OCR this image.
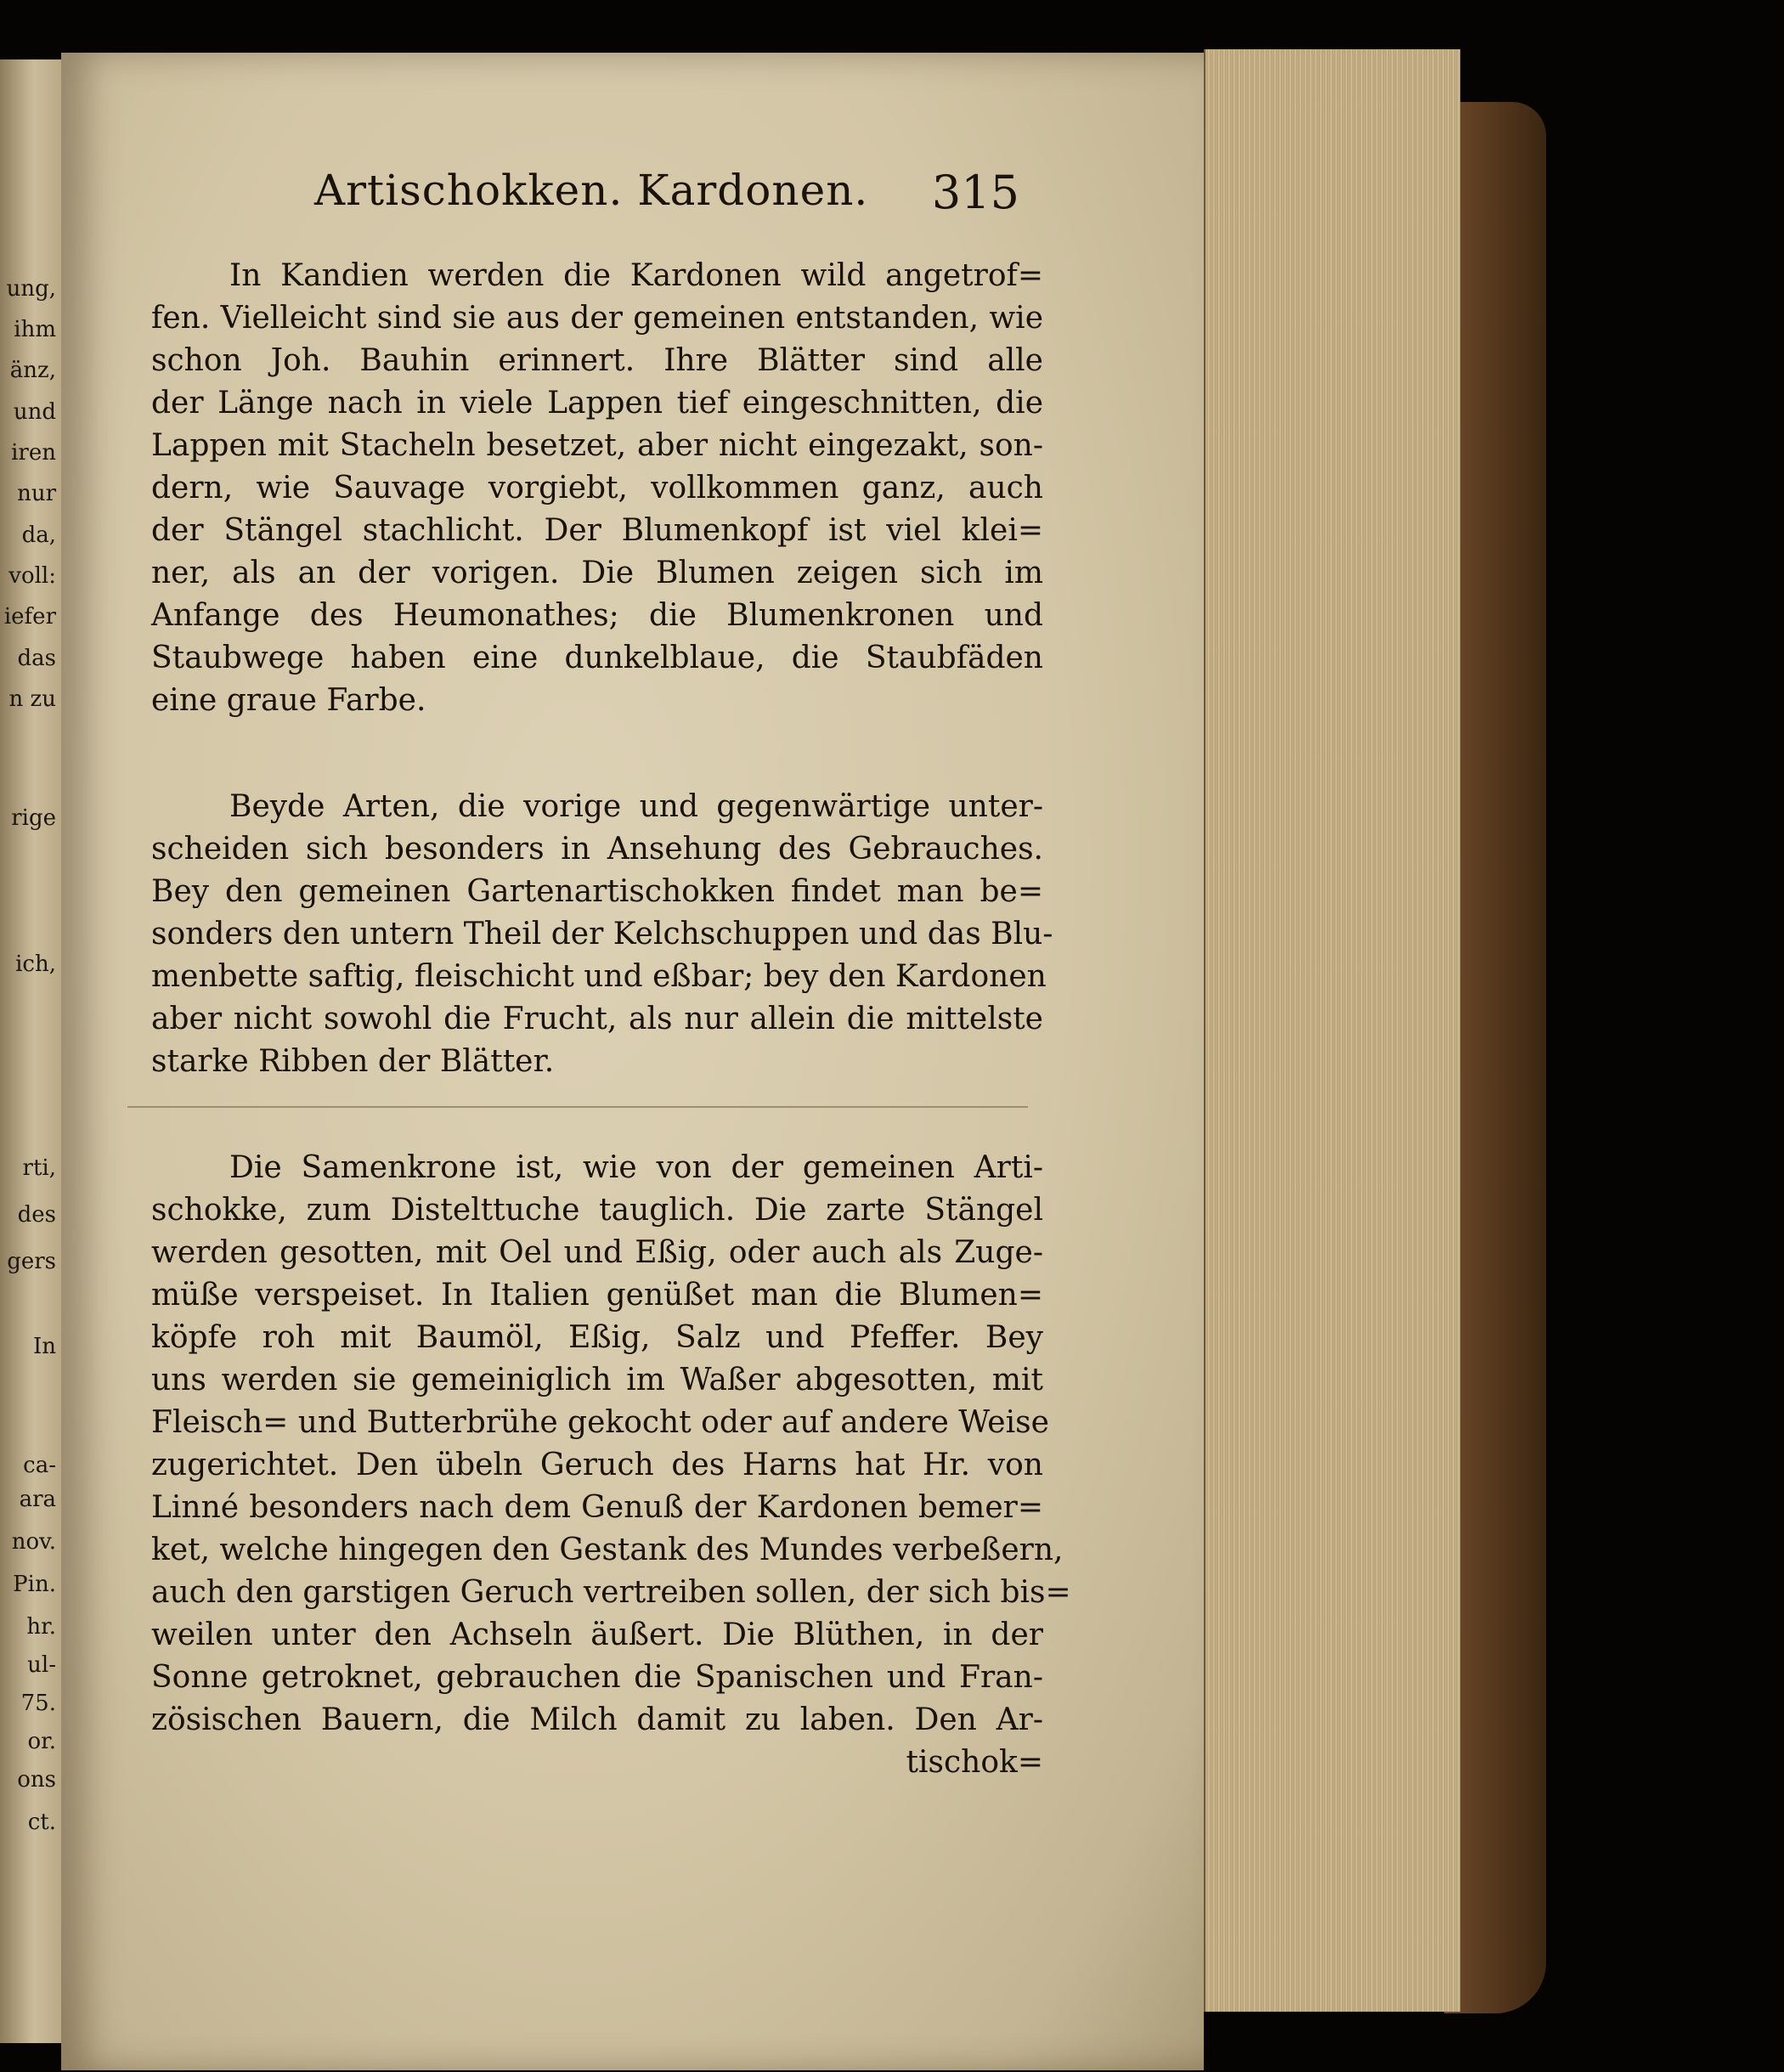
ung,
ihm
änz,
und
iren
nur
da,
voll:
iefer
das
n zu
rige
ich,
rti,
des
gers
In
ca-
ara
nov.
Pin.
hr.
ul-
75.
or.
ons
ct.
Artischokken. Kardonen. 315
In Kandien werden die Kardonen wild angetrof=
fen. Vielleicht sind sie aus der gemeinen entstanden, wie
schon Joh. Bauhin erinnert. Ihre Blätter sind alle
der Länge nach in viele Lappen tief eingeschnitten, die
Lappen mit Stacheln besetzet, aber nicht eingezakt, son-
dern, wie Sauvage vorgiebt, vollkommen ganz, auch
der Stängel stachlicht. Der Blumenkopf ist viel klei=
ner, als an der vorigen. Die Blumen zeigen sich im
Anfange des Heumonathes; die Blumenkronen und
Staubwege haben eine dunkelblaue, die Staubfäden
eine graue Farbe.
Beyde Arten, die vorige und gegenwärtige unter-
scheiden sich besonders in Ansehung des Gebrauches.
Bey den gemeinen Gartenartischokken findet man be=
sonders den untern Theil der Kelchschuppen und das Blu-
menbette saftig, fleischicht und eßbar; bey den Kardonen
aber nicht sowohl die Frucht, als nur allein die mittelste
starke Ribben der Blätter.
Die Samenkrone ist, wie von der gemeinen Arti-
schokke, zum Distelttuche tauglich. Die zarte Stängel
werden gesotten, mit Oel und Eßig, oder auch als Zuge-
müße verspeiset. In Italien genüßet man die Blumen=
köpfe roh mit Baumöl, Eßig, Salz und Pfeffer. Bey
uns werden sie gemeiniglich im Waßer abgesotten, mit
Fleisch= und Butterbrühe gekocht oder auf andere Weise
zugerichtet. Den übeln Geruch des Harns hat Hr. von
Linné besonders nach dem Genuß der Kardonen bemer=
ket, welche hingegen den Gestank des Mundes verbeßern,
auch den garstigen Geruch vertreiben sollen, der sich bis=
weilen unter den Achseln äußert. Die Blüthen, in der
Sonne getroknet, gebrauchen die Spanischen und Fran-
zösischen Bauern, die Milch damit zu laben. Den Ar-
tischok=
